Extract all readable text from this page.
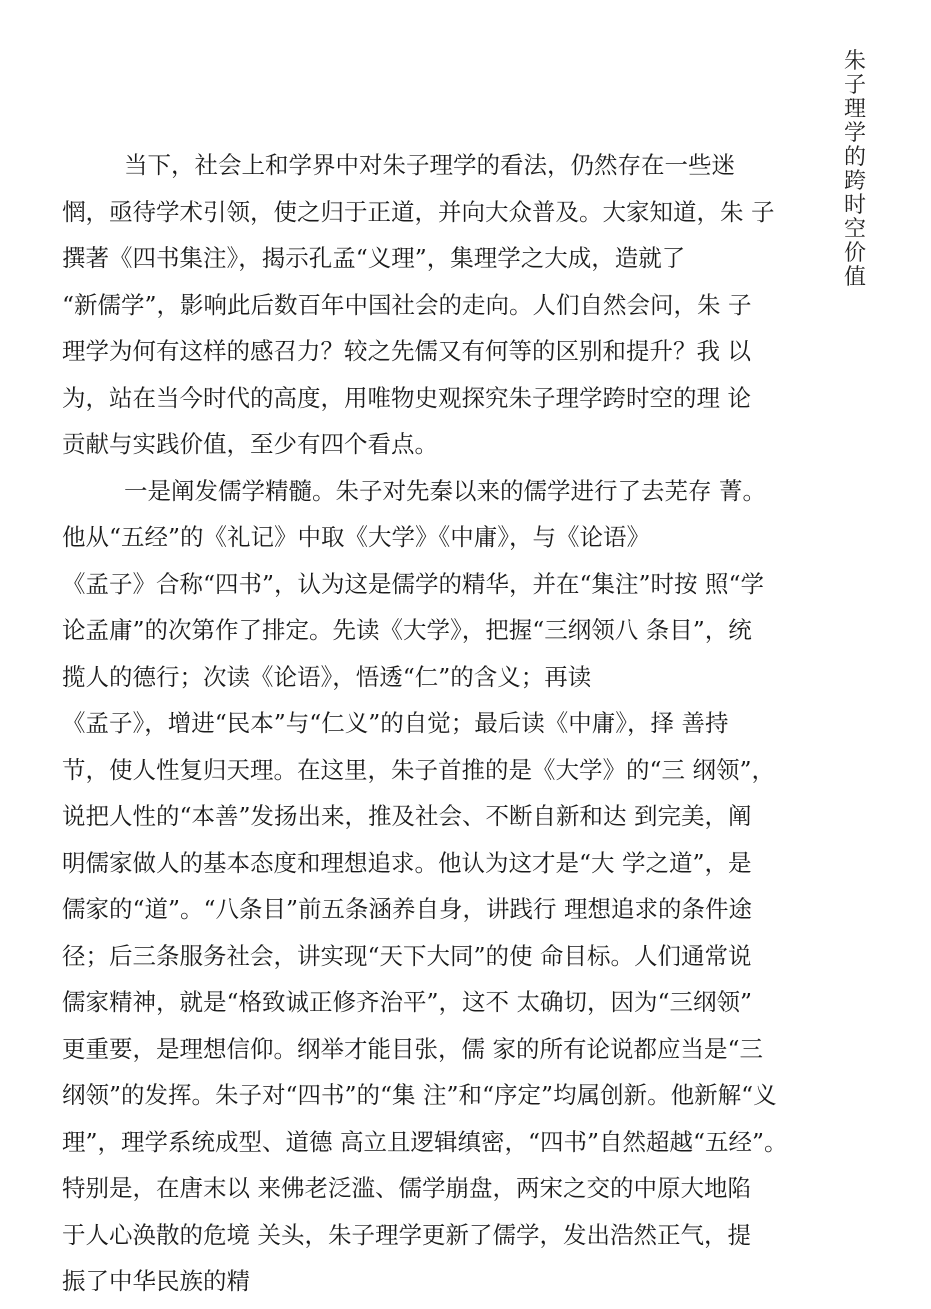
朱子理学的跨时空价值
当下，社会上和学界中对朱子理学的看法，仍然存在一些迷
惘，亟待学术引领，使之归于正道，并向大众普及。大家知道，朱 子
撰著《四书集注》，揭示孔孟“义理”，集理学之大成，造就了
“新儒学”，影响此后数百年中国社会的走向。人们自然会问，朱 子
理学为何有这样的感召力？较之先儒又有何等的区别和提升？我 以
为，站在当今时代的高度，用唯物史观探究朱子理学跨时空的理 论
贡献与实践价值，至少有四个看点。
一是阐发儒学精髓。朱子对先秦以来的儒学进行了去芜存 菁。
他从“五经”的《礼记》中取《大学》《中庸》，与《论语》
《孟子》合称“四书”，认为这是儒学的精华，并在“集注”时按 照“学
论孟庸”的次第作了排定。先读《大学》，把握“三纲领八 条目”，统
揽人的德行；次读《论语》，悟透“仁”的含义；再读
《孟子》，增进“民本”与“仁义”的自觉；最后读《中庸》，择 善持
节，使人性复归天理。在这里，朱子首推的是《大学》的“三 纲领”，
说把人性的“本善”发扬出来，推及社会、不断自新和达 到完美，阐
明儒家做人的基本态度和理想追求。他认为这才是“大 学之道”，是
儒家的“道”。“八条目”前五条涵养自身，讲践行 理想追求的条件途
径；后三条服务社会，讲实现“天下大同”的使 命目标。人们通常说
儒家精神，就是“格致诚正修齐治平”，这不 太确切，因为“三纲领”
更重要，是理想信仰。纲举才能目张，儒 家的所有论说都应当是“三
纲领”的发挥。朱子对“四书”的“集 注”和“序定”均属创新。他新解“义
理”，理学系统成型、道德 高立且逻辑缜密，“四书”自然超越“五经”。
特别是，在唐末以 来佛老泛滥、儒学崩盘，两宋之交的中原大地陷
于人心涣散的危境 关头，朱子理学更新了儒学，发出浩然正气，提
振了中华民族的精
